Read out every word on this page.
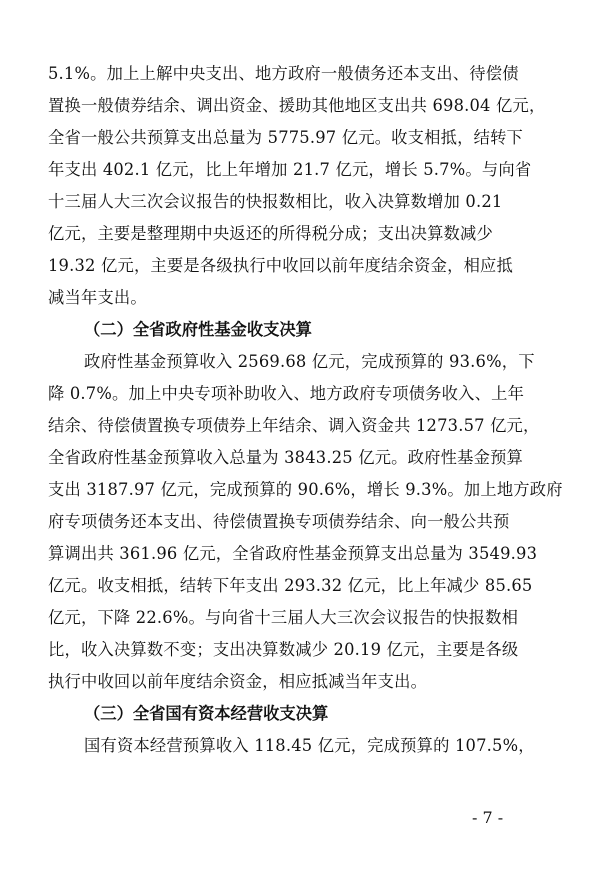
5.1%。加上上解中央支出、地方政府一般债务还本支出、待偿债
置换一般债券结余、调出资金、援助其他地区支出共 698.04 亿元，
全省一般公共预算支出总量为 5775.97 亿元。收支相抵，结转下
年支出 402.1 亿元，比上年增加 21.7 亿元，增长 5.7%。与向省
十三届人大三次会议报告的快报数相比，收入决算数增加 0.21
亿元，主要是整理期中央返还的所得税分成；支出决算数减少
19.32 亿元，主要是各级执行中收回以前年度结余资金，相应抵
减当年支出。
（二）全省政府性基金收支决算
政府性基金预算收入 2569.68 亿元，完成预算的 93.6%，下
降 0.7%。加上中央专项补助收入、地方政府专项债务收入、上年
结余、待偿债置换专项债券上年结余、调入资金共 1273.57 亿元，
全省政府性基金预算收入总量为 3843.25 亿元。政府性基金预算
支出 3187.97 亿元，完成预算的 90.6%，增长 9.3%。加上地方政府
府专项债务还本支出、待偿债置换专项债券结余、向一般公共预
算调出共 361.96 亿元，全省政府性基金预算支出总量为 3549.93
亿元。收支相抵，结转下年支出 293.32 亿元，比上年减少 85.65
亿元，下降 22.6%。与向省十三届人大三次会议报告的快报数相
比，收入决算数不变；支出决算数减少 20.19 亿元，主要是各级
执行中收回以前年度结余资金，相应抵减当年支出。
（三）全省国有资本经营收支决算
国有资本经营预算收入 118.45 亿元，完成预算的 107.5%，
- 7 -
